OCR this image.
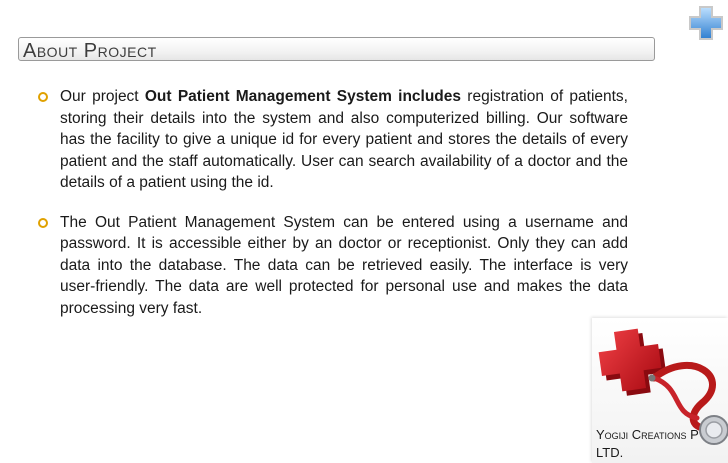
About Project

Our project Out Patient Management System includes registration of patients, storing their details into the system and also computerized billing. Our software has the facility to give a unique id for every patient and stores the details of every patient and the staff automatically. User can search availability of a doctor and the details of a patient using the id.

The Out Patient Management System can be entered using a username and password. It is accessible either by an doctor or receptionist. Only they can add data into the database. The data can be retrieved easily. The interface is very user-friendly. The data are well protected for personal use and makes the data processing very fast.

Yogiji Creations P
LTD.
